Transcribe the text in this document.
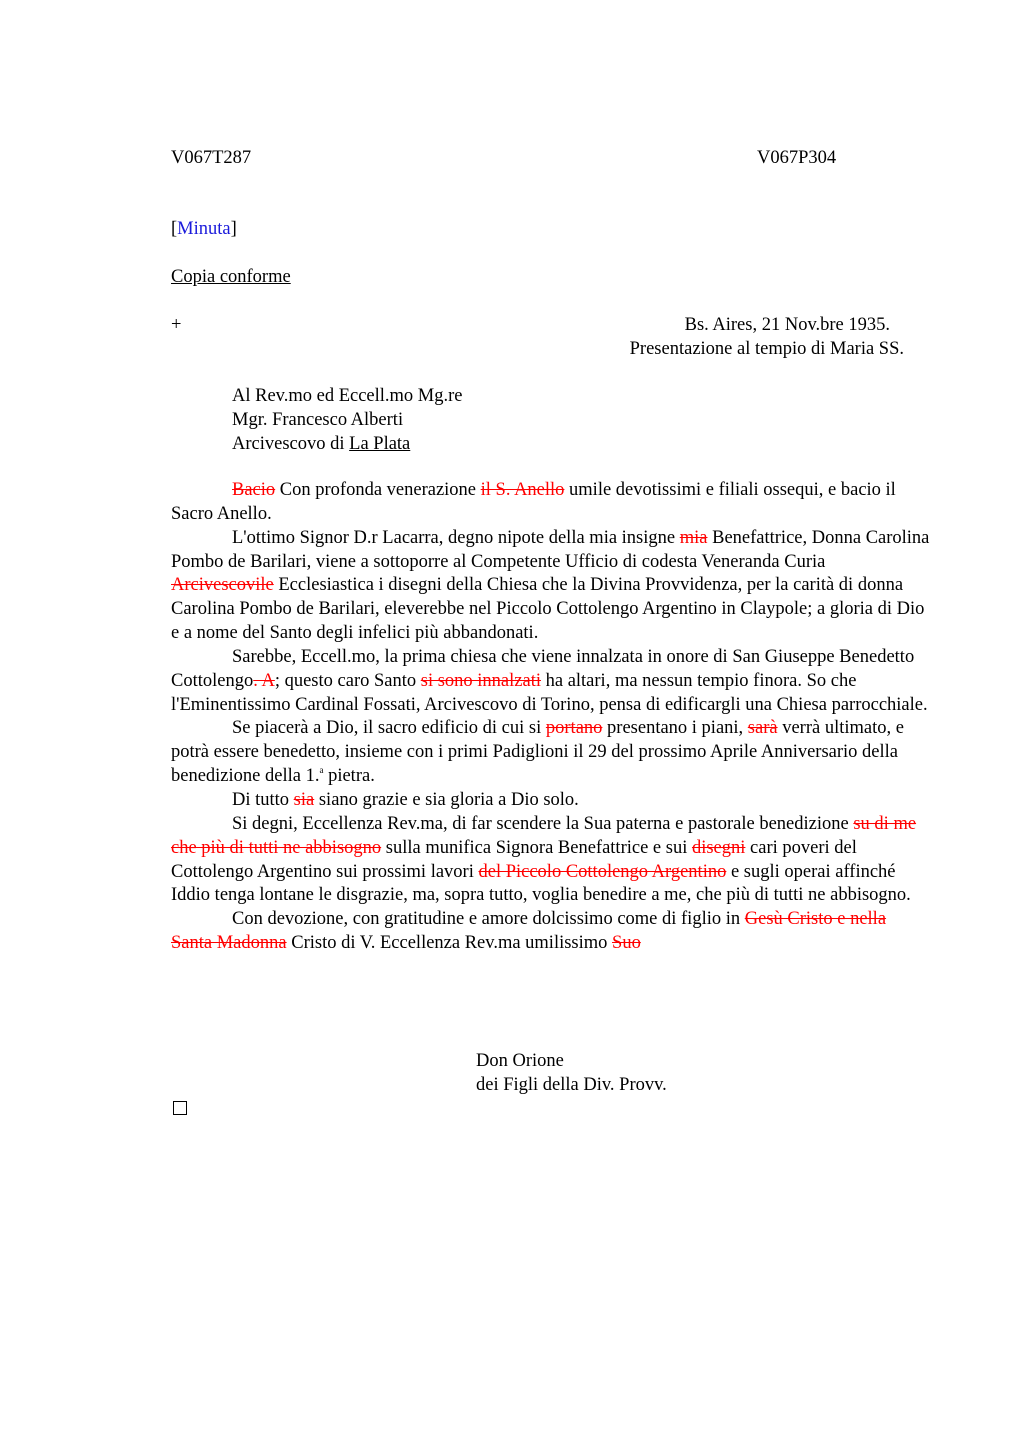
V067T287	V067P304
[Minuta]
Copia conforme
+	Bs. Aires, 21 Nov.bre 1935.
Presentazione al tempio di Maria SS.
Al Rev.mo ed Eccell.mo Mg.re
Mgr. Francesco Alberti
Arcivescovo di La Plata

Bacio Con profonda venerazione il S. Anello umile devotissimi e filiali ossequi, e bacio il Sacro Anello.

L'ottimo Signor D.r Lacarra, degno nipote della mia insigne mia Benefattrice, Donna Carolina Pombo de Barilari, viene a sottoporre al Competente Ufficio di codesta Veneranda Curia Arcivescovile Ecclesiastica i disegni della Chiesa che la Divina Provvidenza, per la carità di donna Carolina Pombo de Barilari, eleverebbe nel Piccolo Cottolengo Argentino in Claypole; a gloria di Dio e a nome del Santo degli infelici più abbandonati.

Sarebbe, Eccell.mo, la prima chiesa che viene innalzata in onore di San Giuseppe Benedetto Cottolengo. A; questo caro Santo si sono innalzati ha altari, ma nessun tempio finora. So che l'Eminentissimo Cardinal Fossati, Arcivescovo di Torino, pensa di edificargli una Chiesa parrocchiale.

Se piacerà a Dio, il sacro edificio di cui si portano presentano i piani, sarà verrà ultimato, e potrà essere benedetto, insieme con i primi Padiglioni il 29 del prossimo Aprile Anniversario della benedizione della 1.$^a$ pietra.

Di tutto sia siano grazie e sia gloria a Dio solo.

Si degni, Eccellenza Rev.ma, di far scendere la Sua paterna e pastorale benedizione su di me che più di tutti ne abbisogno sulla munifica Signora Benefattrice e sui disegni cari poveri del Cottolengo Argentino sui prossimi lavori del Piccolo Cottolengo Argentino e sugli operai affinché Iddio tenga lontane le disgrazie, ma, sopra tutto, voglia benedire a me, che più di tutti ne abbisogno.

Con devozione, con gratitudine e amore dolcissimo come di figlio in Gesù Cristo e nella Santa Madonna Cristo di V. Eccellenza Rev.ma umilissimo Suo

Don Orione
dei Figli della Div. Provv.
